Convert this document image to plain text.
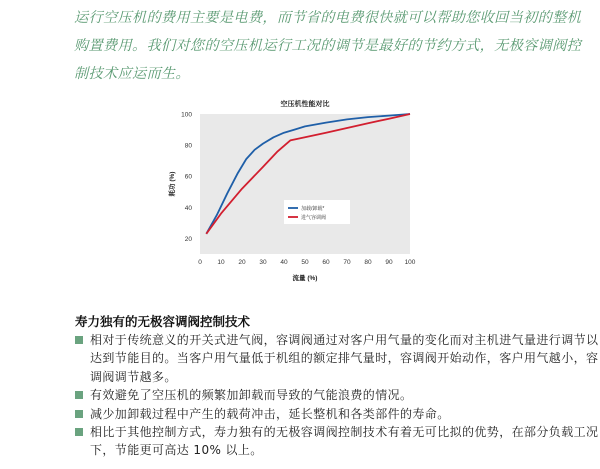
运行空压机的费用主要是电费，而节省的电费很快就可以帮助您收回当初的整机购置费用。我们对您的空压机运行工况的调节是最好的节约方式，无极容调阀控制技术应运而生。

空压机性能对比
20
40
60
80
100
0 10 20 30 40 50 60 70 80 90 100
流量 (%)
耗功 (%)
加载/卸载*
进气容调阀
寿力独有的无极容调阀控制技术
相对于传统意义的开关式进气阀，容调阀通过对客户用气量的变化而对主机进气量进行调节以达到节能目的。当客户用气量低于机组的额定排气量时，容调阀开始动作，客户用气越小，容调阀调节越多。
有效避免了空压机的频繁加卸载而导致的气能浪费的情况。
减少加卸载过程中产生的载荷冲击，延长整机和各类部件的寿命。
相比于其他控制方式，寿力独有的无极容调阀控制技术有着无可比拟的优势，在部分负载工况下，节能更可高达 10% 以上。
